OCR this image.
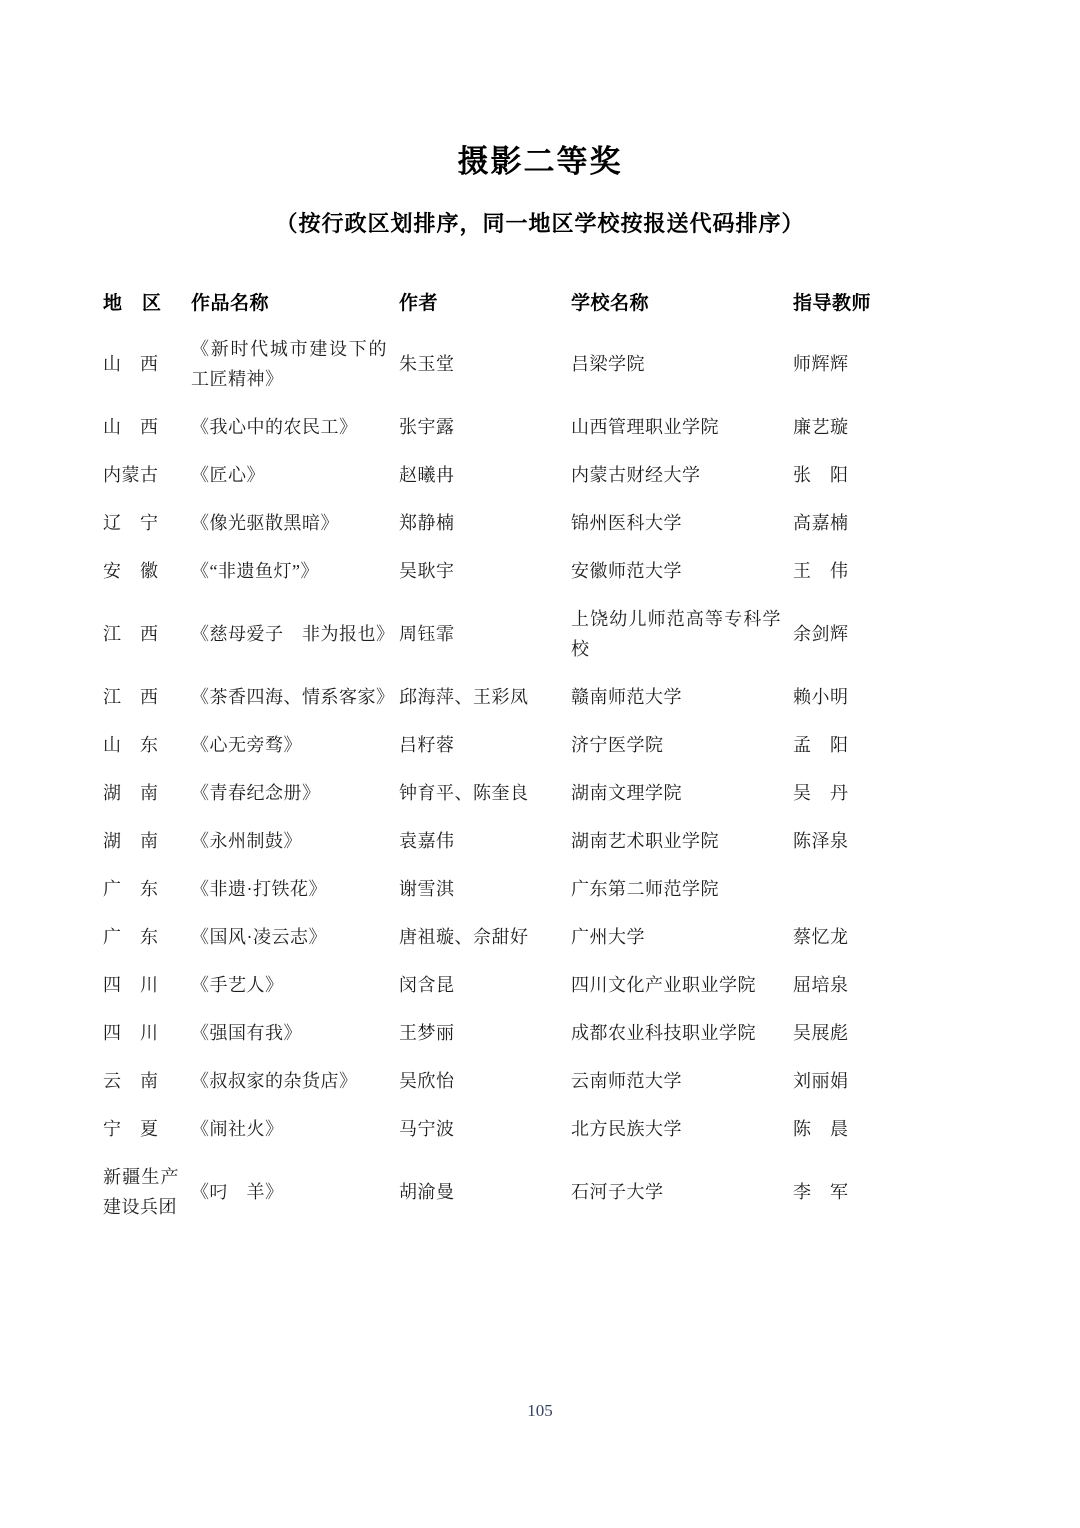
摄影二等奖
（按行政区划排序，同一地区学校按报送代码排序）
地　区	作品名称	作者	学校名称	指导教师
山　西	《新时代城市建设下的工匠精神》	朱玉堂	吕梁学院	师辉辉
山　西	《我心中的农民工》	张宇露	山西管理职业学院	廉艺璇
内蒙古	《匠心》	赵曦冉	内蒙古财经大学	张　阳
辽　宁	《像光驱散黑暗》	郑静楠	锦州医科大学	高嘉楠
安　徽	《“非遗鱼灯”》	吴耿宇	安徽师范大学	王　伟
江　西	《慈母爱子　非为报也》	周钰霏	上饶幼儿师范高等专科学校	余剑辉
江　西	《茶香四海、情系客家》	邱海萍、王彩凤	赣南师范大学	赖小明
山　东	《心无旁骛》	吕籽蓉	济宁医学院	孟　阳
湖　南	《青春纪念册》	钟育平、陈奎良	湖南文理学院	吴　丹
湖　南	《永州制鼓》	袁嘉伟	湖南艺术职业学院	陈泽泉
广　东	《非遗·打铁花》	谢雪淇	广东第二师范学院	
广　东	《国风·凌云志》	唐祖璇、佘甜好	广州大学	蔡忆龙
四　川	《手艺人》	闵含昆	四川文化产业职业学院	屈培泉
四　川	《强国有我》	王梦丽	成都农业科技职业学院	吴展彪
云　南	《叔叔家的杂货店》	吴欣怡	云南师范大学	刘丽娟
宁　夏	《闹社火》	马宁波	北方民族大学	陈　晨
新疆生产建设兵团	《叼　羊》	胡渝曼	石河子大学	李　军
105
